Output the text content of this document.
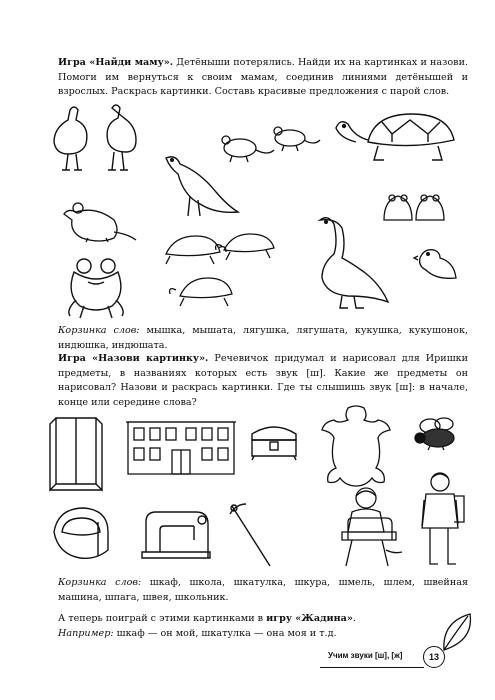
Игра «Найди маму». Детёныши потерялись. Найди их на картинках и назови. Помоги им вернуться к своим мамам, соединив линиями детёнышей и взрослых. Раскрась картинки. Составь красивые предложения с парой слов.
Корзинка слов: мышка, мышата, лягушка, лягушата, кукушка, кукушонок, индюшка, индюшата.
Игра «Назови картинку». Речевичок придумал и нарисовал для Иришки предметы, в названиях которых есть звук [ш]. Какие же предметы он нарисовал? Назови и раскрась картинки. Где ты слышишь звук [ш]: в начале, конце или середине слова?
Корзинка слов: шкаф, школа, шкатулка, шкура, шмель, шлем, швейная машина, шпага, швея, школьник.
А теперь поиграй с этими картинками в игру «Жадина».
Например: шкаф — он мой, шкатулка — она моя и т.д.
Учим звуки [ш], [ж]	13
